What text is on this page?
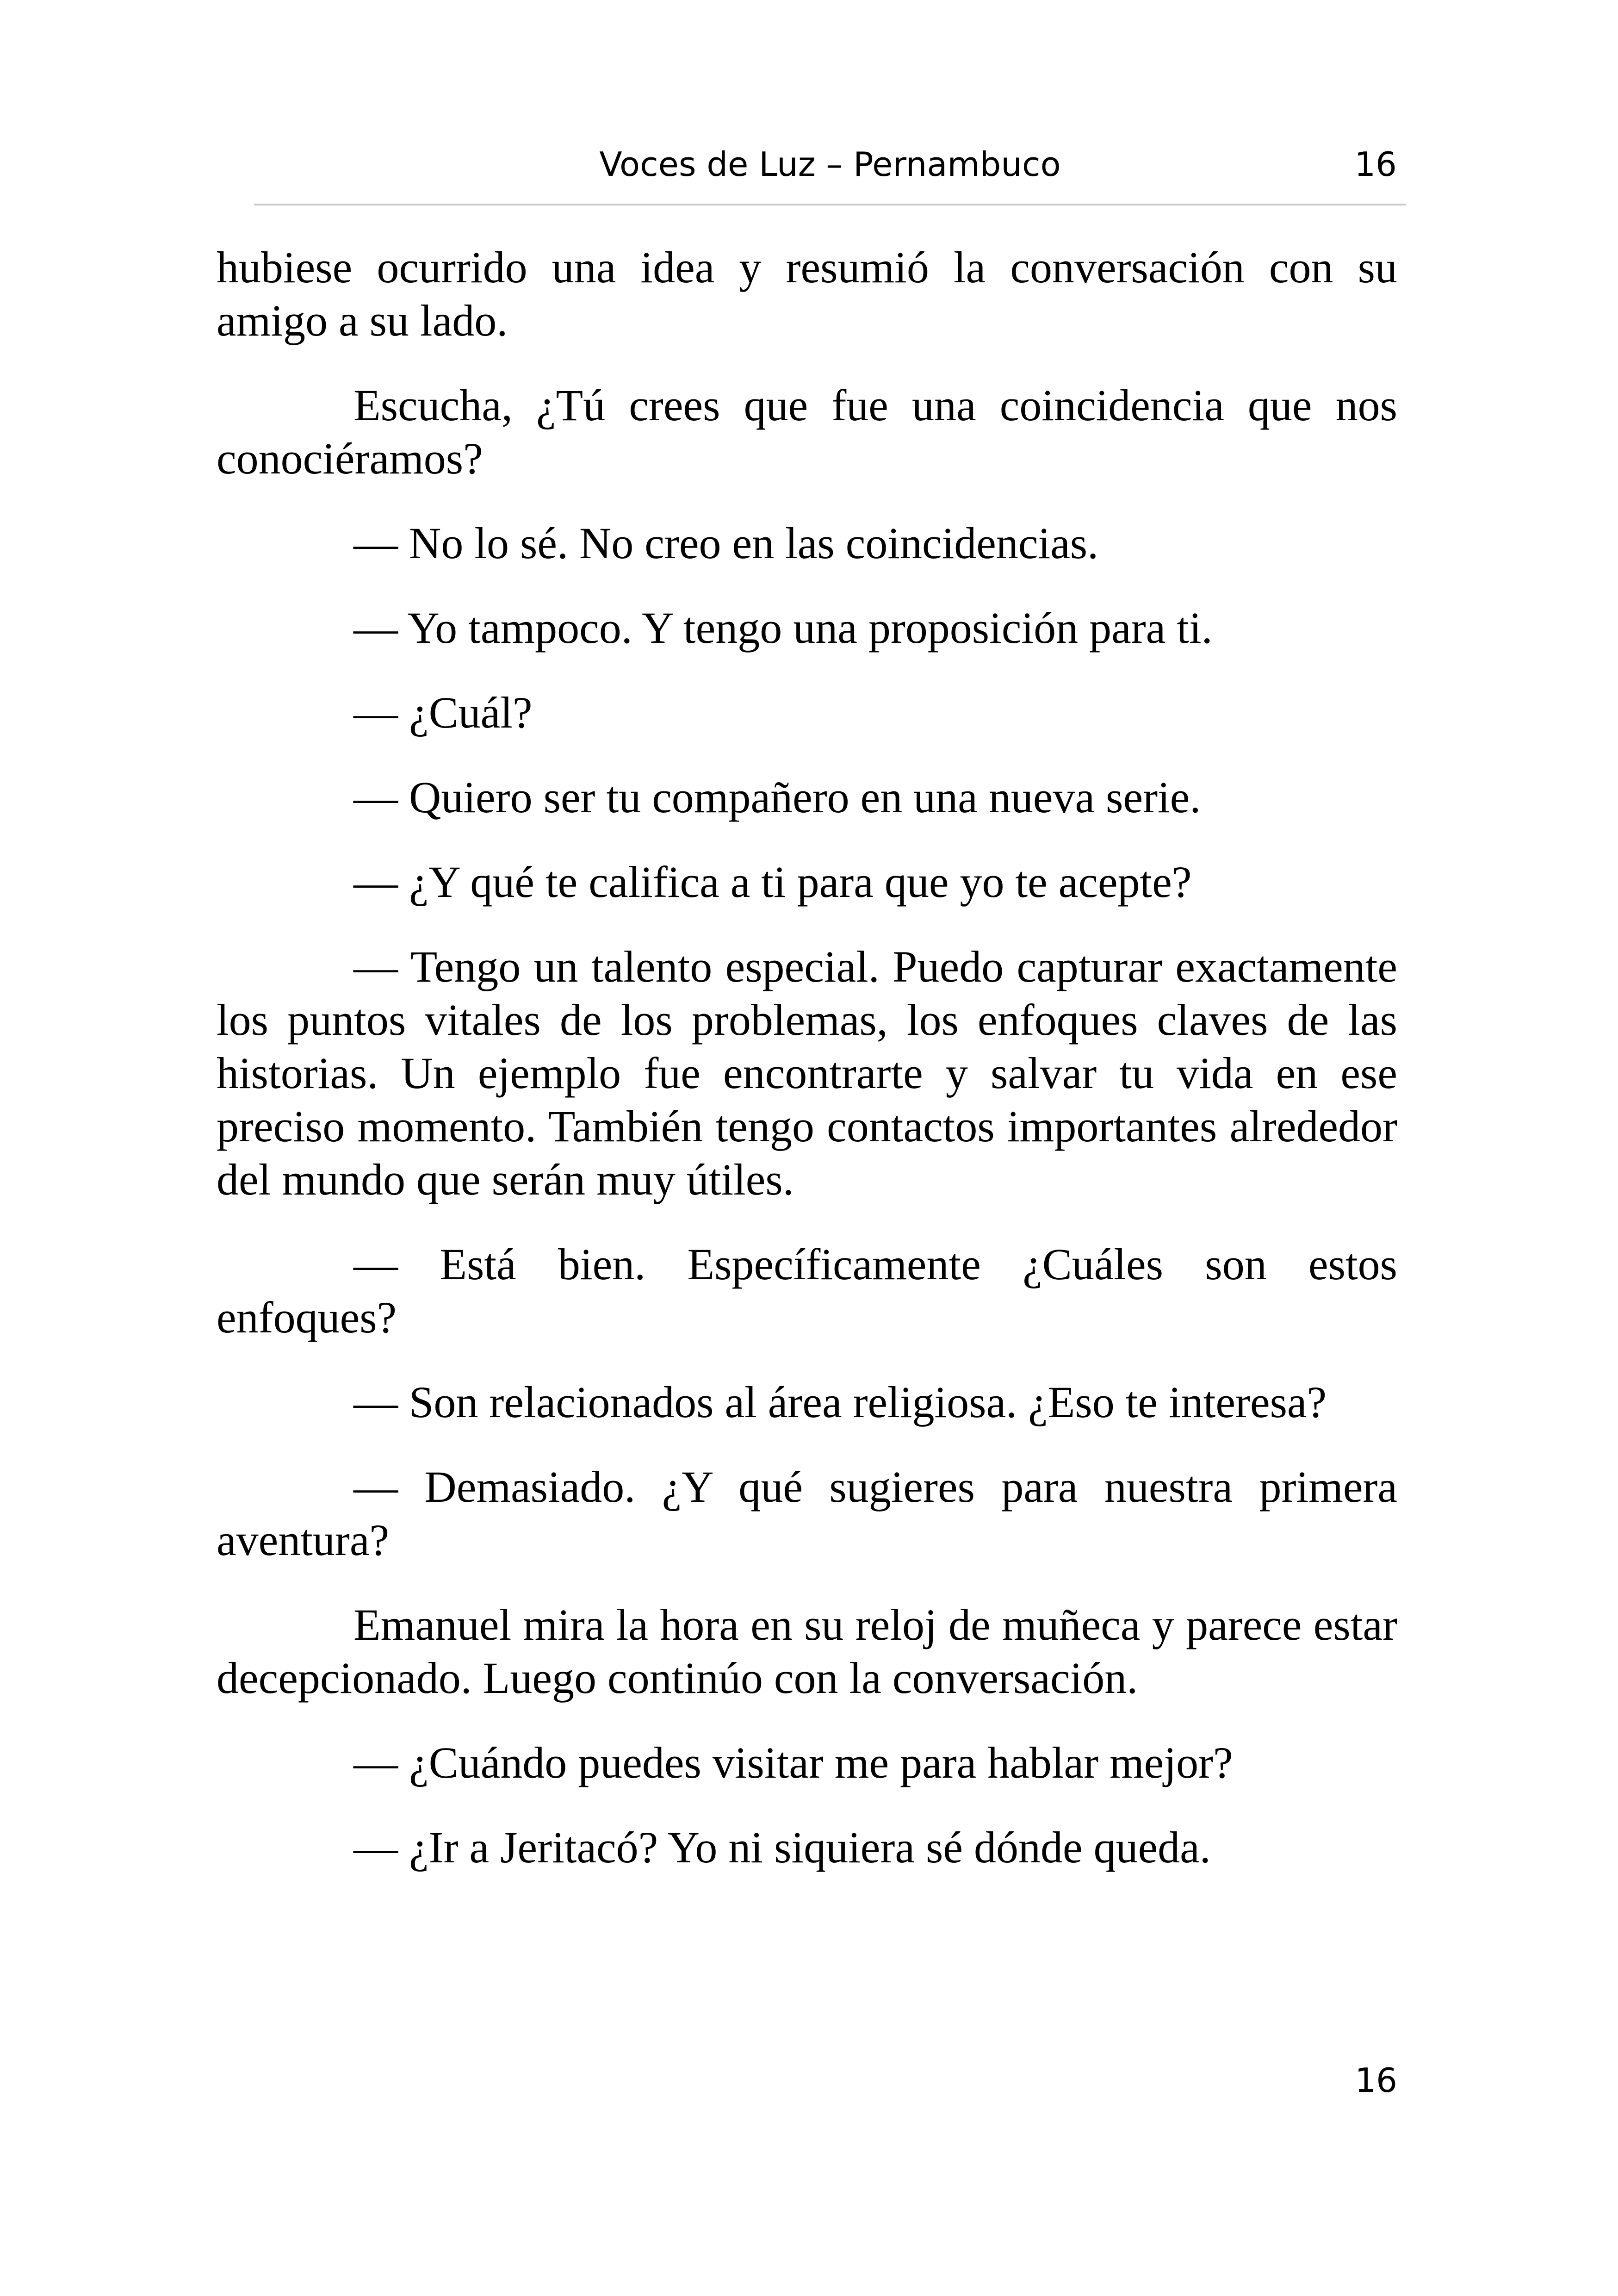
Voces de Luz – Pernambuco	16

hubiese ocurrido una idea y resumió la conversación con su amigo a su lado.

Escucha, ¿Tú crees que fue una coincidencia que nos conociéramos?

— No lo sé. No creo en las coincidencias.

— Yo tampoco. Y tengo una proposición para ti.

— ¿Cuál?

— Quiero ser tu compañero en una nueva serie.

— ¿Y qué te califica a ti para que yo te acepte?

— Tengo un talento especial. Puedo capturar exactamente los puntos vitales de los problemas, los enfoques claves de las historias. Un ejemplo fue encontrarte y salvar tu vida en ese preciso momento. También tengo contactos importantes alrededor del mundo que serán muy útiles.

— Está bien. Específicamente ¿Cuáles son estos enfoques?

— Son relacionados al área religiosa. ¿Eso te interesa?

— Demasiado. ¿Y qué sugieres para nuestra primera aventura?

Emanuel mira la hora en su reloj de muñeca y parece estar decepcionado. Luego continúo con la conversación.

— ¿Cuándo puedes visitar me para hablar mejor?

— ¿Ir a Jeritacó? Yo ni siquiera sé dónde queda.

16
